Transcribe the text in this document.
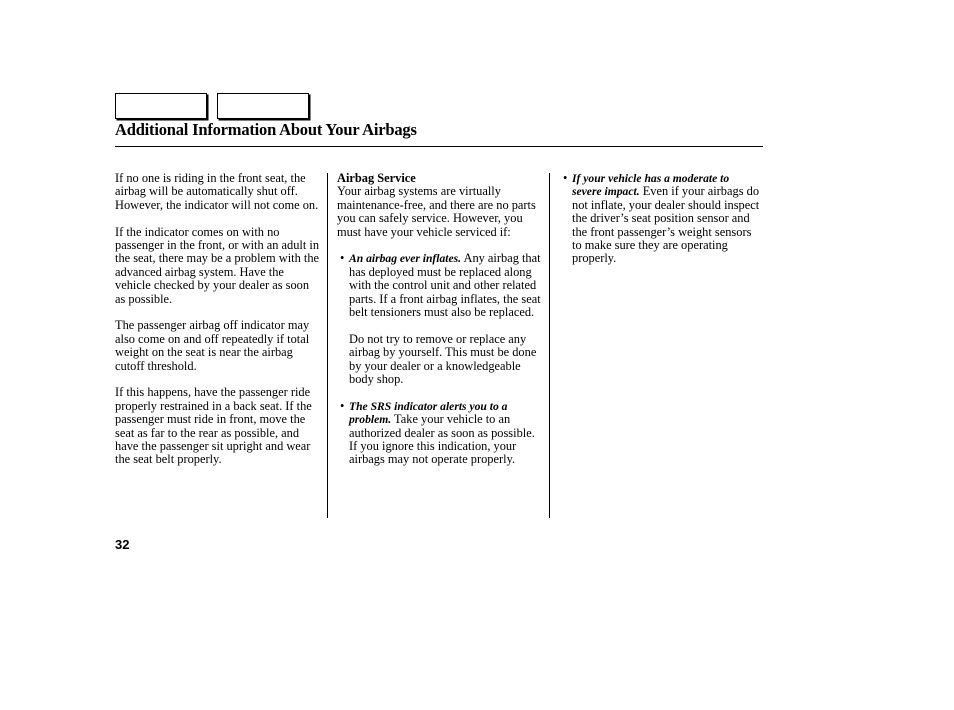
Additional Information About Your Airbags

If no one is riding in the front seat, the airbag will be automatically shut off. However, the indicator will not come on.

If the indicator comes on with no passenger in the front, or with an adult in the seat, there may be a problem with the advanced airbag system. Have the vehicle checked by your dealer as soon as possible.

The passenger airbag off indicator may also come on and off repeatedly if total weight on the seat is near the airbag cutoff threshold.

If this happens, have the passenger ride properly restrained in a back seat. If the passenger must ride in front, move the seat as far to the rear as possible, and have the passenger sit upright and wear the seat belt properly.

Airbag Service

Your airbag systems are virtually maintenance-free, and there are no parts you can safely service. However, you must have your vehicle serviced if:

• An airbag ever inflates. Any airbag that has deployed must be replaced along with the control unit and other related parts. If a front airbag inflates, the seat belt tensioners must also be replaced.

Do not try to remove or replace any airbag by yourself. This must be done by your dealer or a knowledgeable body shop.

• The SRS indicator alerts you to a problem. Take your vehicle to an authorized dealer as soon as possible. If you ignore this indication, your airbags may not operate properly.

• If your vehicle has a moderate to severe impact. Even if your airbags do not inflate, your dealer should inspect the driver’s seat position sensor and the front passenger’s weight sensors to make sure they are operating properly.

32
